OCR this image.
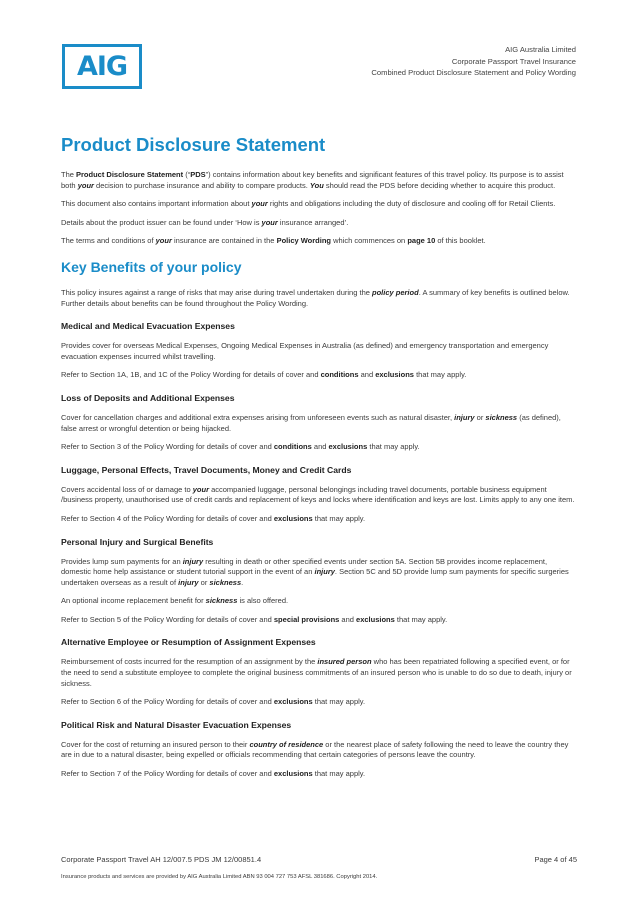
AIG
AIG Australia Limited
Corporate Passport Travel Insurance
Combined Product Disclosure Statement and Policy Wording
Product Disclosure Statement

The Product Disclosure Statement (“PDS”) contains information about key benefits and significant features of this travel policy. Its purpose is to assist both your decision to purchase insurance and ability to compare products. You should read the PDS before deciding whether to acquire this product.

This document also contains important information about your rights and obligations including the duty of disclosure and cooling off for Retail Clients.

Details about the product issuer can be found under ‘How is your insurance arranged’.

The terms and conditions of your insurance are contained in the Policy Wording which commences on page 10 of this booklet.

Key Benefits of your policy

This policy insures against a range of risks that may arise during travel undertaken during the policy period. A summary of key benefits is outlined below. Further details about benefits can be found throughout the Policy Wording.

Medical and Medical Evacuation Expenses

Provides cover for overseas Medical Expenses, Ongoing Medical Expenses in Australia (as defined) and emergency transportation and emergency evacuation expenses incurred whilst travelling.

Refer to Section 1A, 1B, and 1C of the Policy Wording for details of cover and conditions and exclusions that may apply.

Loss of Deposits and Additional Expenses

Cover for cancellation charges and additional extra expenses arising from unforeseen events such as natural disaster, injury or sickness (as defined), false arrest or wrongful detention or being hijacked.

Refer to Section 3 of the Policy Wording for details of cover and conditions and exclusions that may apply.

Luggage, Personal Effects, Travel Documents, Money and Credit Cards

Covers accidental loss of or damage to your accompanied luggage, personal belongings including travel documents, portable business equipment /business property, unauthorised use of credit cards and replacement of keys and locks where identification and keys are lost. Limits apply to any one item.

Refer to Section 4 of the Policy Wording for details of cover and exclusions that may apply.

Personal Injury and Surgical Benefits

Provides lump sum payments for an injury resulting in death or other specified events under section 5A. Section 5B provides income replacement, domestic home help assistance or student tutorial support in the event of an injury. Section 5C and 5D provide lump sum payments for specific surgeries undertaken overseas as a result of injury or sickness.

An optional income replacement benefit for sickness is also offered.

Refer to Section 5 of the Policy Wording for details of cover and special provisions and exclusions that may apply.

Alternative Employee or Resumption of Assignment Expenses

Reimbursement of costs incurred for the resumption of an assignment by the insured person who has been repatriated following a specified event, or for the need to send a substitute employee to complete the original business commitments of an insured person who is unable to do so due to death, injury or sickness.

Refer to Section 6 of the Policy Wording for details of cover and exclusions that may apply.

Political Risk and Natural Disaster Evacuation Expenses

Cover for the cost of returning an insured person to their country of residence or the nearest place of safety following the need to leave the country they are in due to a natural disaster, being expelled or officials recommending that certain categories of persons leave the country.

Refer to Section 7 of the Policy Wording for details of cover and exclusions that may apply.

Corporate Passport Travel AH 12/007.5 PDS JM 12/00851.4	Page 4 of 45
Insurance products and services are provided by AIG Australia Limited ABN 93 004 727 753 AFSL 381686. Copyright 2014.
